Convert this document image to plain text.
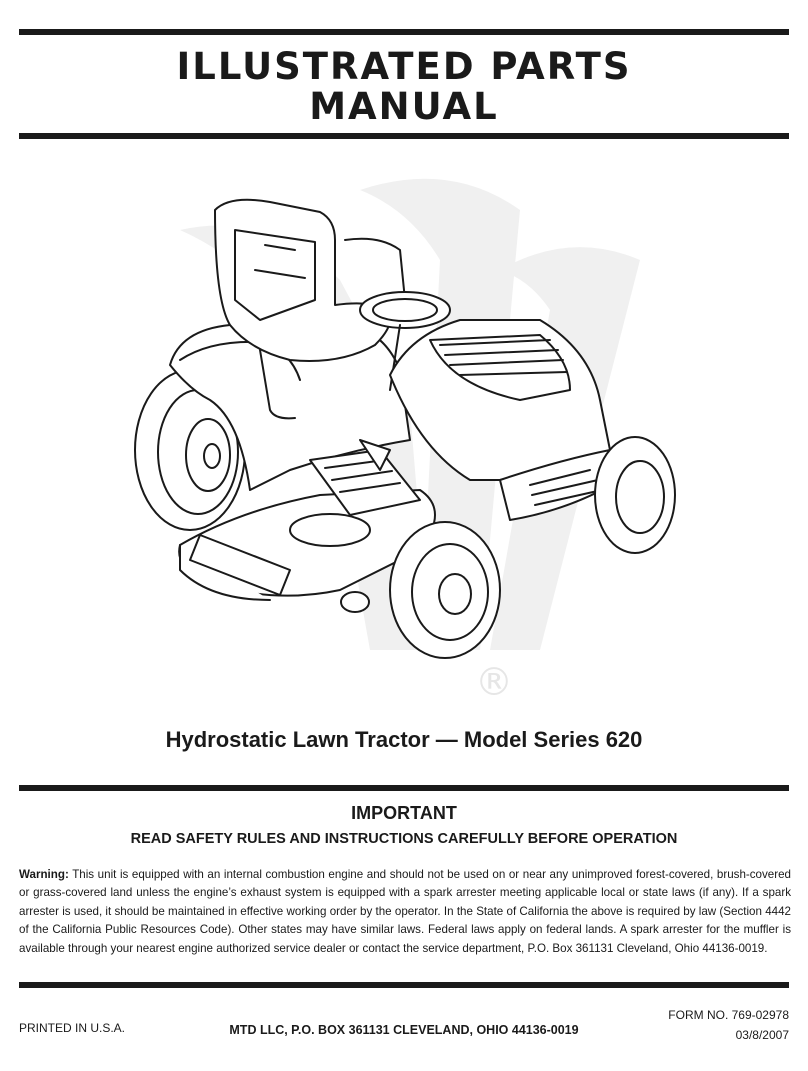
ILLUSTRATED PARTS
MANUAL
®
Hydrostatic Lawn Tractor — Model Series 620
IMPORTANT
READ SAFETY RULES AND INSTRUCTIONS CAREFULLY BEFORE OPERATION
Warning: This unit is equipped with an internal combustion engine and should not be used on or near any unimproved forest-covered, brush-covered or grass-covered land unless the engine’s exhaust system is equipped with a spark arrester meeting applicable local or state laws (if any). If a spark arrester is used, it should be maintained in effective working order by the operator. In the State of California the above is required by law (Section 4442 of the California Public Resources Code). Other states may have similar laws. Federal laws apply on federal lands. A spark arrester for the muffler is available through your nearest engine authorized service dealer or contact the service department, P.O. Box 361131 Cleveland, Ohio 44136-0019.
PRINTED IN U.S.A.	MTD LLC, P.O. BOX 361131 CLEVELAND, OHIO 44136-0019
FORM NO. 769-02978
03/8/2007
